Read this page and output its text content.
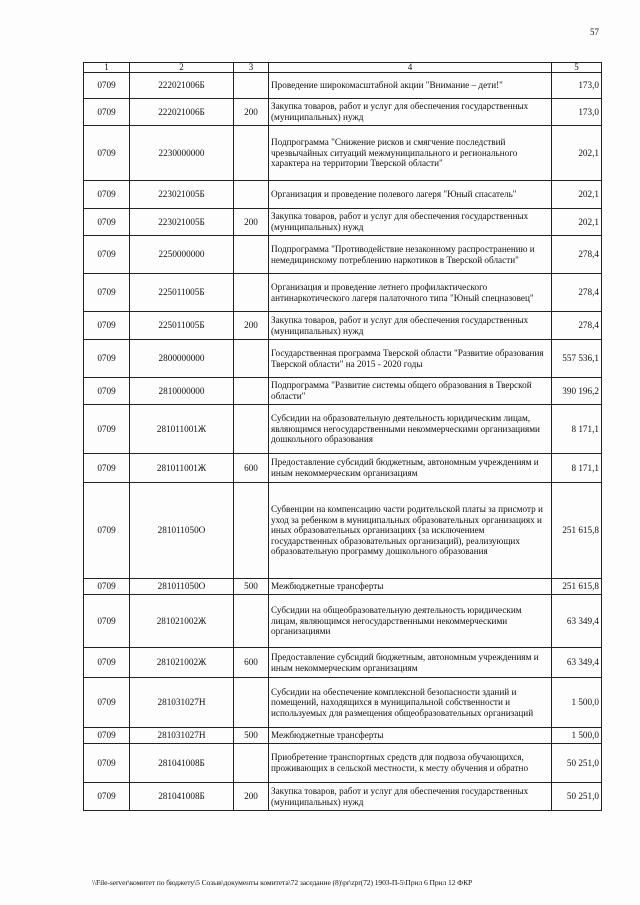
57
1	2	3	4	5
0709	222021006Б		Проведение широкомасштабной акции "Внимание – дети!"	173,0
0709	222021006Б	200	Закупка товаров, работ и услуг для обеспечения государственных (муниципальных) нужд	173,0
0709	2230000000		Подпрограмма "Снижение рисков и смягчение последствий чрезвычайных ситуаций межмуниципального и регионального характера на территории Тверской области"	202,1
0709	223021005Б		Организация и проведение полевого лагеря "Юный спасатель"	202,1
0709	223021005Б	200	Закупка товаров, работ и услуг для обеспечения государственных (муниципальных) нужд	202,1
0709	2250000000		Подпрограмма "Противодействие незаконному распространению и немедицинскому потреблению наркотиков в Тверской области"	278,4
0709	225011005Б		Организация и проведение летнего профилактического антинаркотического лагеря палаточного типа "Юный спецназовец"	278,4
0709	225011005Б	200	Закупка товаров, работ и услуг для обеспечения государственных (муниципальных) нужд	278,4
0709	2800000000		Государственная программа Тверской области "Развитие образования Тверской области" на 2015 - 2020 годы	557 536,1
0709	2810000000		Подпрограмма "Развитие системы общего образования в Тверской области"	390 196,2
0709	281011001Ж		Субсидии на образовательную деятельность юридическим лицам, являющимся негосударственными некоммерческими организациями дошкольного образования	8 171,1
0709	281011001Ж	600	Предоставление субсидий бюджетным, автономным учреждениям и иным некоммерческим организациям	8 171,1
0709	281011050О		Субвенции на компенсацию части родительской платы за присмотр и уход за ребенком в муниципальных образовательных организациях и иных образовательных организациях (за исключением государственных образовательных организаций), реализующих образовательную программу дошкольного образования	251 615,8
0709	281011050О	500	Межбюджетные трансферты	251 615,8
0709	281021002Ж		Субсидии на общеобразовательную деятельность юридическим лицам, являющимся негосударственными некоммерческими организациями	63 349,4
0709	281021002Ж	600	Предоставление субсидий бюджетным, автономным учреждениям и иным некоммерческим организациям	63 349,4
0709	281031027Н		Субсидии на обеспечение комплексной безопасности зданий и помещений, находящихся в муниципальной собственности и используемых для размещения общеобразовательных организаций	1 500,0
0709	281031027Н	500	Межбюджетные трансферты	1 500,0
0709	281041008Б		Приобретение транспортных средств для подвоза обучающихся, проживающих в сельской местности, к месту обучения и обратно	50 251,0
0709	281041008Б	200	Закупка товаров, работ и услуг для обеспечения государственных (муниципальных) нужд	50 251,0
\\File-server\комитет по бюджету\5 Созыв\документы комитета\72 заседание (8)\pr\zpr(72) 1903-П-5\Прил 6 Прил 12 ФКР
